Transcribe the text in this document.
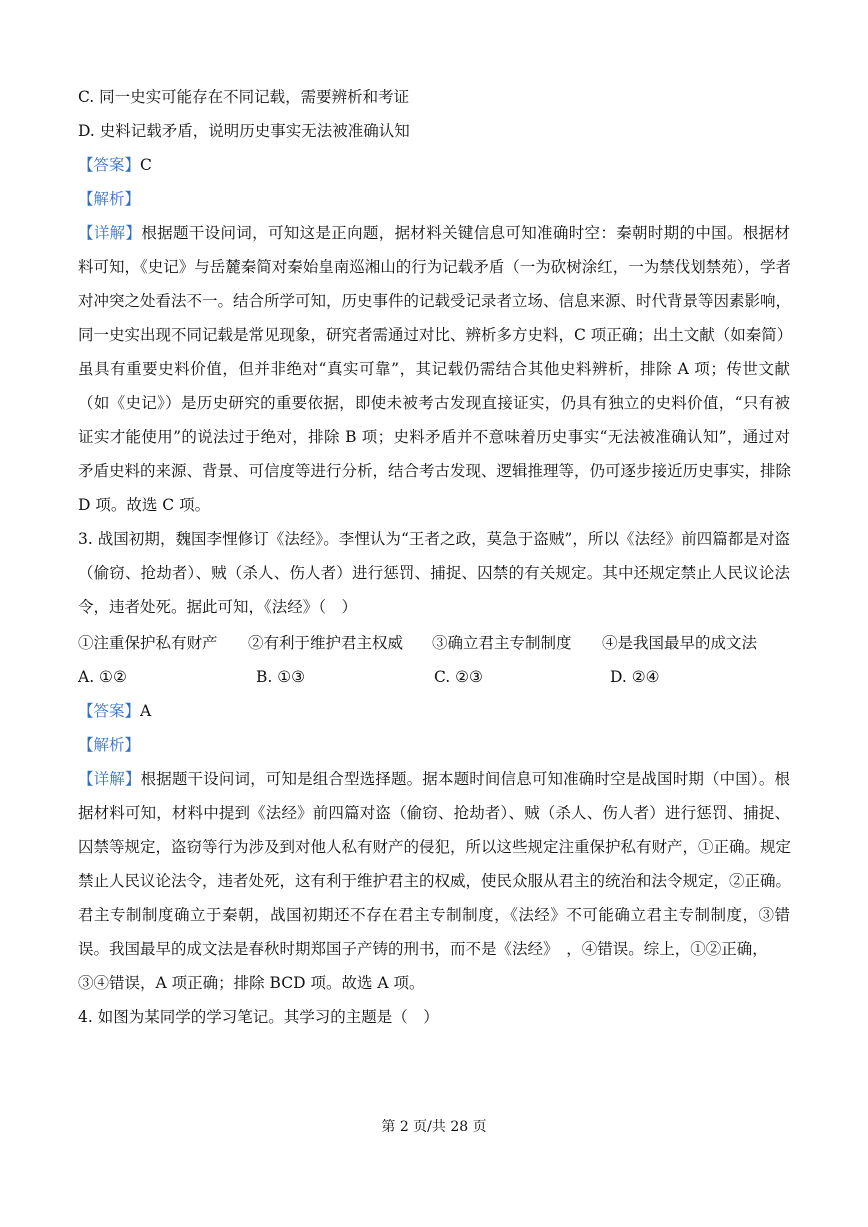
C. 同一史实可能存在不同记载，需要辨析和考证
D. 史料记载矛盾，说明历史事实无法被准确认知
【答案】C
【解析】
【详解】根据题干设问词，可知这是正向题，据材料关键信息可知准确时空：秦朝时期的中国。根据材
料可知，《史记》与岳麓秦简对秦始皇南巡湘山的行为记载矛盾（一为砍树涂红，一为禁伐划禁苑），学者
对冲突之处看法不一。结合所学可知，历史事件的记载受记录者立场、信息来源、时代背景等因素影响，
同一史实出现不同记载是常见现象，研究者需通过对比、辨析多方史料，C 项正确；出土文献（如秦简）
虽具有重要史料价值，但并非绝对“真实可靠”，其记载仍需结合其他史料辨析，排除 A 项；传世文献
（如《史记》）是历史研究的重要依据，即使未被考古发现直接证实，仍具有独立的史料价值，“只有被
证实才能使用”的说法过于绝对，排除 B 项；史料矛盾并不意味着历史事实“无法被准确认知”，通过对
矛盾史料的来源、背景、可信度等进行分析，结合考古发现、逻辑推理等，仍可逐步接近历史事实，排除
D 项。故选 C 项。
3. 战国初期，魏国李悝修订《法经》。李悝认为“王者之政，莫急于盗贼”，所以《法经》前四篇都是对盗
（偷窃、抢劫者）、贼（杀人、伤人者）进行惩罚、捕捉、囚禁的有关规定。其中还规定禁止人民议论法
令，违者处死。据此可知，《法经》（　）
①注重保护私有财产	②有利于维护君主权威	③确立君主专制制度	④是我国最早的成文法
A. ①②	B. ①③	C. ②③	D. ②④
【答案】A
【解析】
【详解】根据题干设问词，可知是组合型选择题。据本题时间信息可知准确时空是战国时期（中国）。根
据材料可知，材料中提到《法经》前四篇对盗（偷窃、抢劫者）、贼（杀人、伤人者）进行惩罚、捕捉、
囚禁等规定，盗窃等行为涉及到对他人私有财产的侵犯，所以这些规定注重保护私有财产，①正确。规定
禁止人民议论法令，违者处死，这有利于维护君主的权威，使民众服从君主的统治和法令规定，②正确。
君主专制制度确立于秦朝，战国初期还不存在君主专制制度，《法经》不可能确立君主专制制度，③错
误。我国最早的成文法是春秋时期郑国子产铸的刑书，而不是《法经》　，④错误。综上，①②正确，
③④错误，A 项正确；排除 BCD 项。故选 A 项。
4. 如图为某同学的学习笔记。其学习的主题是（　）
第 2 页/共 28 页
